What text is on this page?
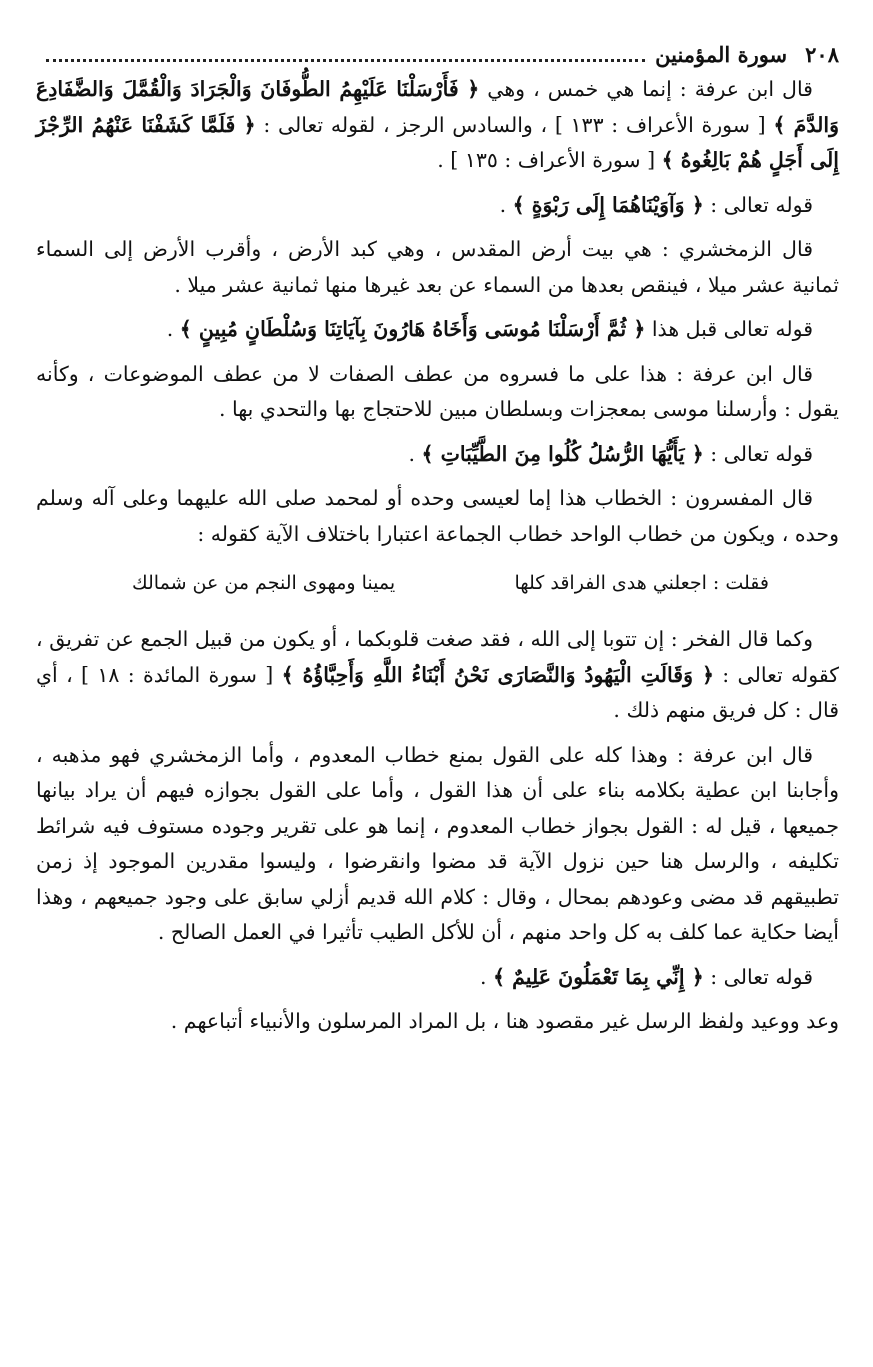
٢٠٨
سورة المؤمنين

قال ابن عرفة : إنما هي خمس ، وهي ﴿ فَأَرْسَلْنَا عَلَيْهِمُ الطُّوفَانَ وَالْجَرَادَ وَالْقُمَّلَ وَالضَّفَادِعَ وَالدَّمَ ﴾ [ سورة الأعراف : ١٣٣ ] ، والسادس الرجز ، لقوله تعالى : ﴿ فَلَمَّا كَشَفْنَا عَنْهُمُ الرِّجْزَ إِلَى أَجَلٍ هُمْ بَالِغُوهُ ﴾ [ سورة الأعراف : ١٣٥ ] .

قوله تعالى : ﴿ وَآوَيْنَاهُمَا إِلَى رَبْوَةٍ ﴾ .

قال الزمخشري : هي بيت أرض المقدس ، وهي كبد الأرض ، وأقرب الأرض إلى السماء ثمانية عشر ميلا ، فينقص بعدها من السماء عن بعد غيرها منها ثمانية عشر ميلا .

قوله تعالى قبل هذا ﴿ ثُمَّ أَرْسَلْنَا مُوسَى وَأَخَاهُ هَارُونَ بِآيَاتِنَا وَسُلْطَانٍ مُبِينٍ ﴾ .

قال ابن عرفة : هذا على ما فسروه من عطف الصفات لا من عطف الموضوعات ، وكأنه يقول : وأرسلنا موسى بمعجزات وبسلطان مبين للاحتجاج بها والتحدي بها .

قوله تعالى : ﴿ يَأَيُّهَا الرُّسُلُ كُلُوا مِنَ الطَّيِّبَاتِ ﴾ .

قال المفسرون : الخطاب هذا إما لعيسى وحده أو لمحمد صلى الله عليهما وعلى آله وسلم وحده ، ويكون من خطاب الواحد خطاب الجماعة اعتبارا باختلاف الآية كقوله :

فقلت : اجعلني هدى الفراقد كلها
يمينا ومهوى النجم من عن شمالك

وكما قال الفخر : إن تتوبا إلى الله ، فقد صغت قلوبكما ، أو يكون من قبيل الجمع عن تفريق ، كقوله تعالى : ﴿ وَقَالَتِ الْيَهُودُ وَالنَّصَارَى نَحْنُ أَبْنَاءُ اللَّهِ وَأَحِبَّاؤُهُ ﴾ [ سورة المائدة : ١٨ ] ، أي قال : كل فريق منهم ذلك .

قال ابن عرفة : وهذا كله على القول بمنع خطاب المعدوم ، وأما الزمخشري فهو مذهبه ، وأجابنا ابن عطية بكلامه بناء على أن هذا القول ، وأما على القول بجوازه فيهم أن يراد بيانها جميعها ، قيل له : القول بجواز خطاب المعدوم ، إنما هو على تقرير وجوده مستوف فيه شرائط تكليفه ، والرسل هنا حين نزول الآية قد مضوا وانقرضوا ، وليسوا مقدرين الموجود إذ زمن تطبيقهم قد مضى وعودهم بمحال ، وقال : كلام الله قديم أزلي سابق على وجود جميعهم ، وهذا أيضا حكاية عما كلف به كل واحد منهم ، أن للأكل الطيب تأثيرا في العمل الصالح .

قوله تعالى : ﴿ إِنِّي بِمَا تَعْمَلُونَ عَلِيمٌ ﴾ .

وعد ووعيد ولفظ الرسل غير مقصود هنا ، بل المراد المرسلون والأنبياء أتباعهم .
